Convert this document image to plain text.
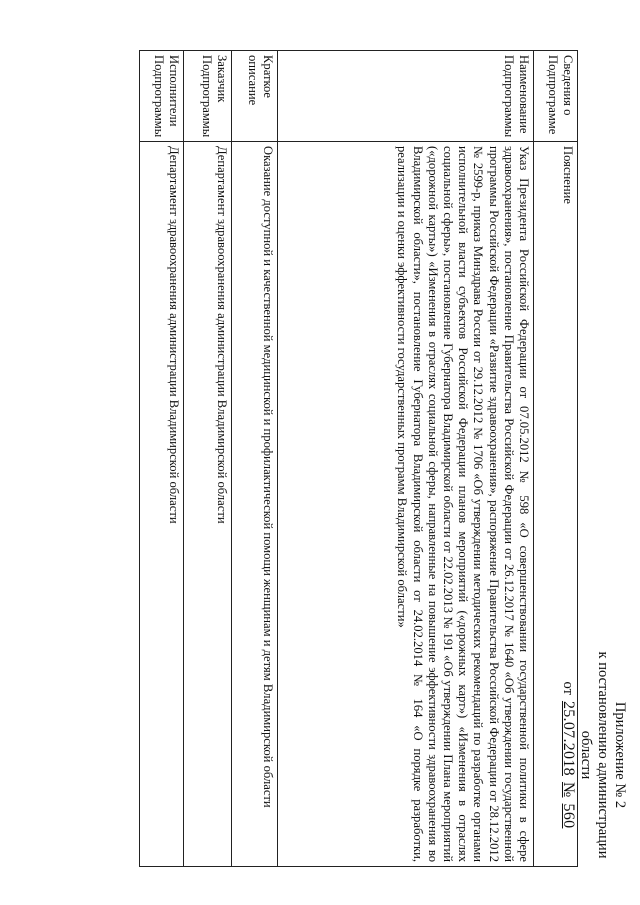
Приложение № 2
к постановлению администрации области
от
25.07.2018
№
560
Сведения о Подпрограмме	Пояснение
Наименование Подпрограммы	Указ Президента Российской Федерации от 07.05.2012 № 598 «О совершенствовании государственной политики в сфере здравоохранения», постановление Правительства Российской Федерации от 26.12.2017 № 1640 «Об утверждении государственной программы Российской Федерации «Развитие здравоохранения», распоряжение Правительства Российской Федерации от 28.12.2012 № 2599-р, приказ Минздрава России от 29.12.2012 № 1706 «Об утверждении методических рекомендаций по разработке органами исполнительной власти субъектов Российской Федерации планов мероприятий («дорожных карт») «Изменения в отраслях социальной сферы», постановление Губернатора Владимирской области от 22.02.2013 № 191 «Об утверждении Плана мероприятий («дорожной карты») «Изменения в отраслях социальной сферы, направленные на повышение эффективности здравоохранения во Владимирской области», постановление Губернатора Владимирской области от 24.02.2014 № 164 «О порядке разработки, реализации и оценки эффективности государственных программ Владимирской области»
Краткое описание	Оказание доступной и качественной медицинской и профилактической помощи женщинам и детям Владимирской области
Заказчик Подпрограммы	Департамент здравоохранения администрации Владимирской области
Исполнители Подпрограммы	Департамент здравоохранения администрации Владимирской области
